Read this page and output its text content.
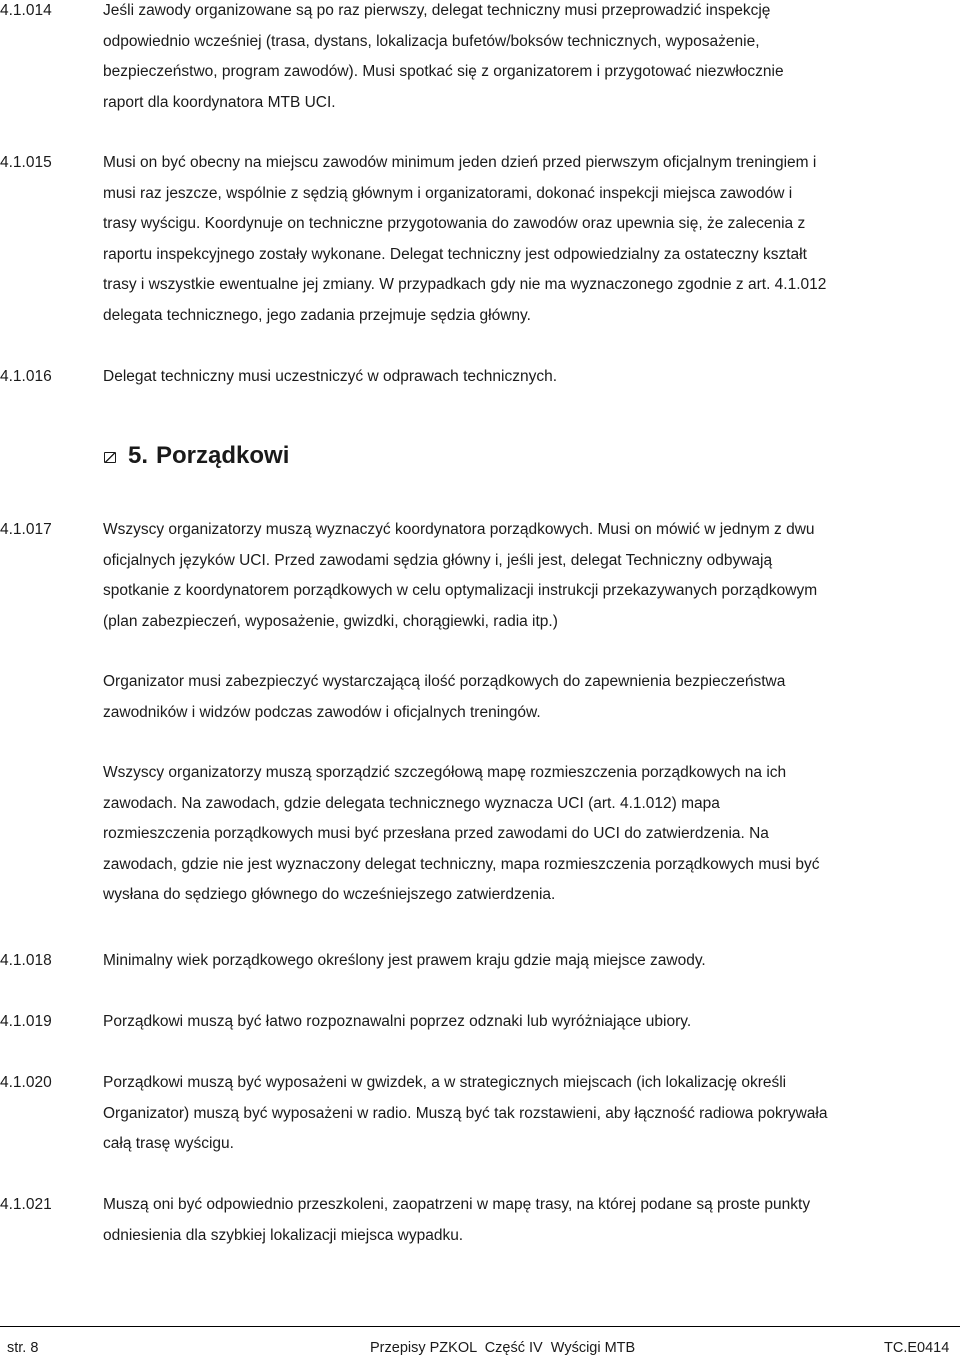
4.1.014	Jeśli zawody organizowane są po raz pierwszy, delegat techniczny musi przeprowadzić inspekcję
odpowiednio wcześniej (trasa, dystans, lokalizacja bufetów/boksów technicznych, wyposażenie,
bezpieczeństwo, program zawodów). Musi spotkać się z organizatorem i przygotować niezwłocznie
raport dla koordynatora MTB UCI.
4.1.015	Musi on być obecny na miejscu zawodów minimum jeden dzień przed pierwszym oficjalnym treningiem i
musi raz jeszcze, wspólnie z sędzią głównym i organizatorami, dokonać inspekcji miejsca zawodów i
trasy wyścigu. Koordynuje on techniczne przygotowania do zawodów oraz upewnia się, że zalecenia z
raportu inspekcyjnego zostały wykonane. Delegat techniczny jest odpowiedzialny za ostateczny kształt
trasy i wszystkie ewentualne jej zmiany. W przypadkach gdy nie ma wyznaczonego zgodnie z art. 4.1.012
delegata technicznego, jego zadania przejmuje sędzia główny.
4.1.016	Delegat techniczny musi uczestniczyć w odprawach technicznych.
5. Porządkowi
4.1.017	Wszyscy organizatorzy muszą wyznaczyć koordynatora porządkowych. Musi on mówić w jednym z dwu
oficjalnych języków UCI. Przed zawodami sędzia główny i, jeśli jest, delegat Techniczny odbywają
spotkanie z koordynatorem porządkowych w celu optymalizacji instrukcji przekazywanych porządkowym
(plan zabezpieczeń, wyposażenie, gwizdki, chorągiewki, radia itp.)
Organizator musi zabezpieczyć wystarczającą ilość porządkowych do zapewnienia bezpieczeństwa
zawodników i widzów podczas zawodów i oficjalnych treningów.
Wszyscy organizatorzy muszą sporządzić szczegółową mapę rozmieszczenia porządkowych na ich
zawodach. Na zawodach, gdzie delegata technicznego wyznacza UCI (art. 4.1.012) mapa
rozmieszczenia porządkowych musi być przesłana przed zawodami do UCI do zatwierdzenia. Na
zawodach, gdzie nie jest wyznaczony delegat techniczny, mapa rozmieszczenia porządkowych musi być
wysłana do sędziego głównego do wcześniejszego zatwierdzenia.
4.1.018	Minimalny wiek porządkowego określony jest prawem kraju gdzie mają miejsce zawody.
4.1.019	Porządkowi muszą być łatwo rozpoznawalni poprzez odznaki lub wyróżniające ubiory.
4.1.020	Porządkowi muszą być wyposażeni w gwizdek, a w strategicznych miejscach (ich lokalizację określi
Organizator) muszą być wyposażeni w radio. Muszą być tak rozstawieni, aby łączność radiowa pokrywała
całą trasę wyścigu.
4.1.021	Muszą oni być odpowiednio przeszkoleni, zaopatrzeni w mapę trasy, na której podane są proste punkty
odniesienia dla szybkiej lokalizacji miejsca wypadku.
str. 8	Przepisy PZKOL  Część IV  Wyścigi MTB	TC.E0414
